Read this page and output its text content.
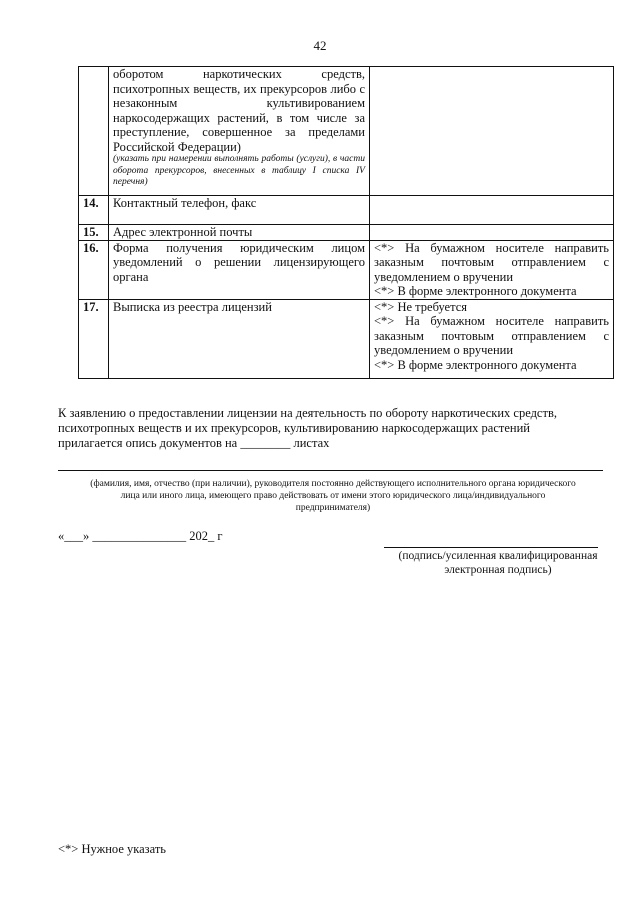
42
	оборотом наркотических средств, психотропных веществ, их прекурсоров либо с незаконным культивированием наркосодержащих растений, в том числе за преступление, совершенное за пределами Российской Федерации)
(указать при намерении выполнять работы (услуги), в части оборота прекурсоров, внесенных в таблицу I списка IV перечня)	

14.	Контактный телефон, факс	
15.	Адрес электронной почты	
16.	Форма получения юридическим лицом уведомлений о решении лицензирующего органа	<*> На бумажном носителе направить заказным почтовым отправлением с уведомлением о вручении
<*> В форме электронного документа

17.	Выписка из реестра лицензий	<*> Не требуется
<*> На бумажном носителе направить заказным почтовым отправлением с уведомлением о вручении
<*> В форме электронного документа
К заявлению о предоставлении лицензии на деятельность по обороту наркотических средств,
психотропных веществ и их прекурсоров, культивированию наркосодержащих растений
прилагается опись документов на ________ листах
(фамилия, имя, отчество (при наличии), руководителя постоянно действующего исполнительного органа юридического
лица или иного лица, имеющего право действовать от имени этого юридического лица/индивидуального
предпринимателя)
«___» _______________ 202_ г
(подпись/усиленная квалифицированная
электронная подпись)
<*> Нужное указать
